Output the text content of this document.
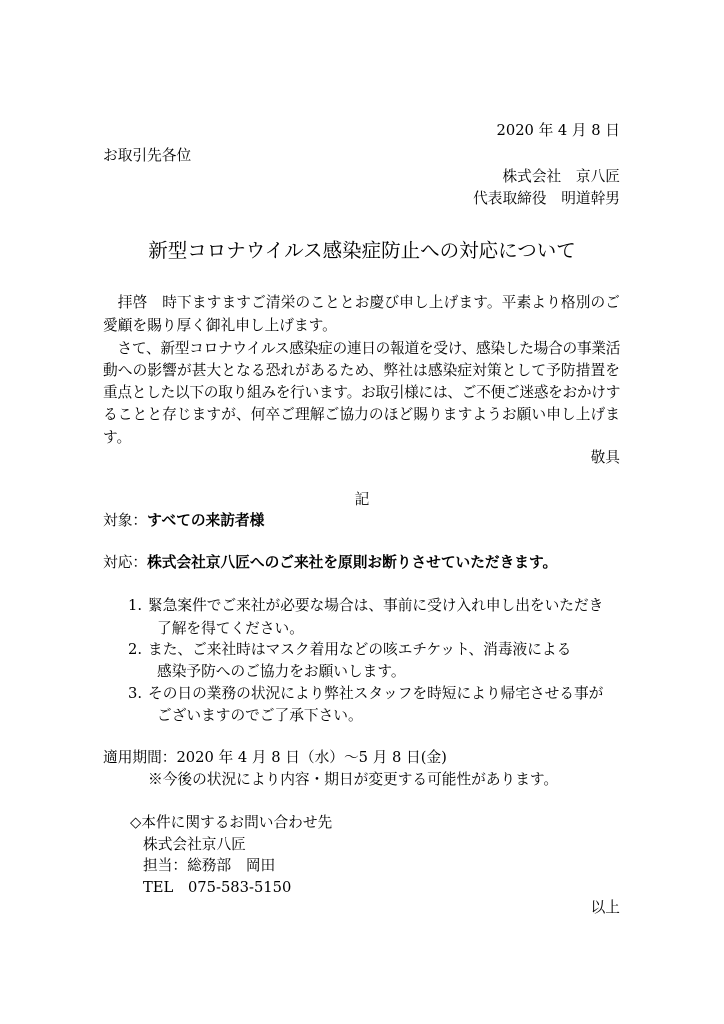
2020 年 4 月 8 日
お取引先各位
株式会社　京八匠
代表取締役　明道幹男
新型コロナウイルス感染症防止への対応について
　拝啓　時下ますますご清栄のこととお慶び申し上げます。平素より格別のご
愛顧を賜り厚く御礼申し上げます。
　さて、新型コロナウイルス感染症の連日の報道を受け、感染した場合の事業活
動への影響が甚大となる恐れがあるため、弊社は感染症対策として予防措置を
重点とした以下の取り組みを行います。お取引様には、ご不便ご迷惑をおかけす
ることと存じますが、何卒ご理解ご協力のほど賜りますようお願い申し上げま
す。
敬具
記
対象：すべての来訪者様
対応：株式会社京八匠へのご来社を原則お断りさせていただきます。
1. 緊急案件でご来社が必要な場合は、事前に受け入れ申し出をいただき
了解を得てください。
2. また、ご来社時はマスク着用などの咳エチケット、消毒液による
感染予防へのご協力をお願いします。
3. その日の業務の状況により弊社スタッフを時短により帰宅させる事が
ございますのでご了承下さい。
適用期間：2020 年 4 月 8 日（水）～5 月 8 日(金)
※今後の状況により内容・期日が変更する可能性があります。
◇本件に関するお問い合わせ先
株式会社京八匠
担当：総務部　岡田
TEL　075-583-5150
以上
